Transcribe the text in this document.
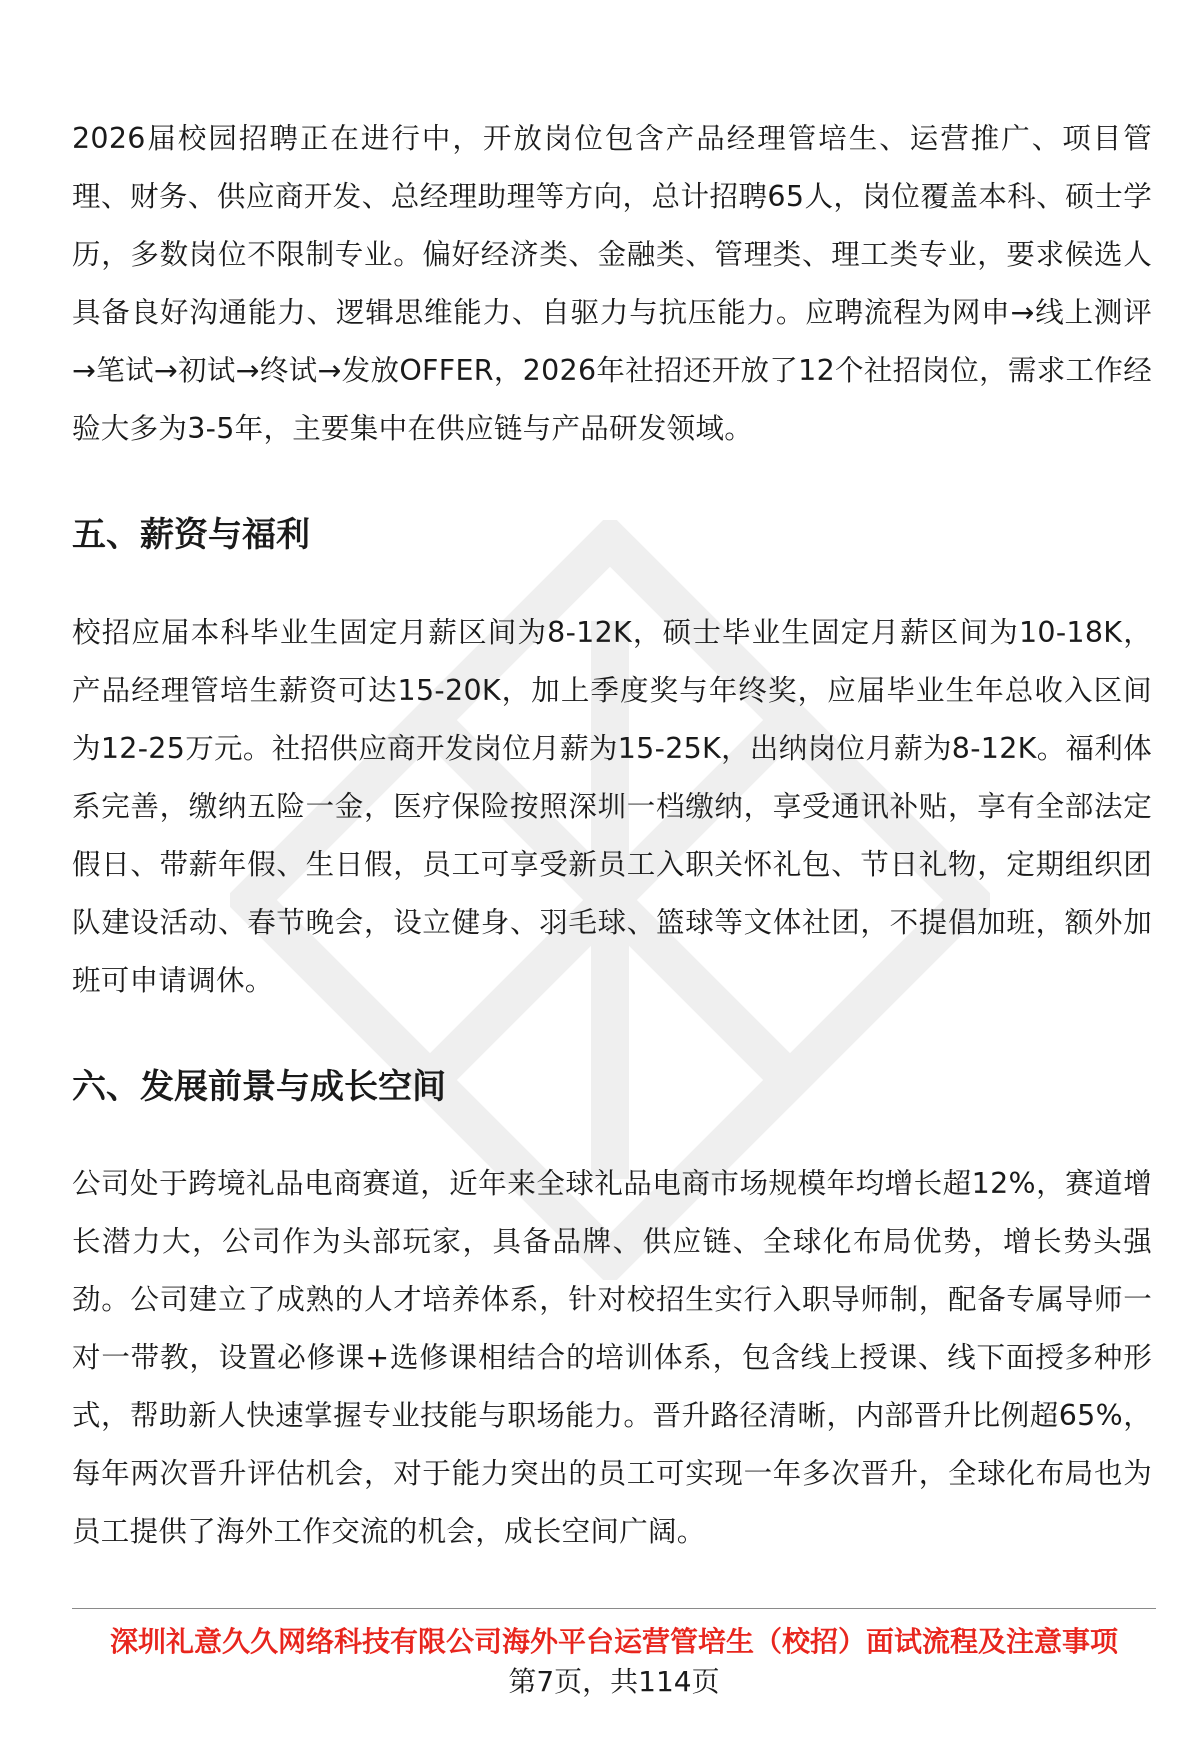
2026届校园招聘正在进行中，开放岗位包含产品经理管培生、运营推广、项目管理、财务、供应商开发、总经理助理等方向，总计招聘65人，岗位覆盖本科、硕士学历，多数岗位不限制专业。偏好经济类、金融类、管理类、理工类专业，要求候选人具备良好沟通能力、逻辑思维能力、自驱力与抗压能力。应聘流程为网申→线上测评→笔试→初试→终试→发放OFFER，2026年社招还开放了12个社招岗位，需求工作经验大多为3-5年，主要集中在供应链与产品研发领域。

五、薪资与福利

校招应届本科毕业生固定月薪区间为8-12K，硕士毕业生固定月薪区间为10-18K，产品经理管培生薪资可达15-20K，加上季度奖与年终奖，应届毕业生年总收入区间为12-25万元。社招供应商开发岗位月薪为15-25K，出纳岗位月薪为8-12K。福利体系完善，缴纳五险一金，医疗保险按照深圳一档缴纳，享受通讯补贴，享有全部法定假日、带薪年假、生日假，员工可享受新员工入职关怀礼包、节日礼物，定期组织团队建设活动、春节晚会，设立健身、羽毛球、篮球等文体社团，不提倡加班，额外加班可申请调休。

六、发展前景与成长空间

公司处于跨境礼品电商赛道，近年来全球礼品电商市场规模年均增长超12%，赛道增长潜力大，公司作为头部玩家，具备品牌、供应链、全球化布局优势，增长势头强劲。公司建立了成熟的人才培养体系，针对校招生实行入职导师制，配备专属导师一对一带教，设置必修课+选修课相结合的培训体系，包含线上授课、线下面授多种形式，帮助新人快速掌握专业技能与职场能力。晋升路径清晰，内部晋升比例超65%，每年两次晋升评估机会，对于能力突出的员工可实现一年多次晋升，全球化布局也为员工提供了海外工作交流的机会，成长空间广阔。

深圳礼意久久网络科技有限公司海外平台运营管培生（校招）面试流程及注意事项

第7页，共114页
